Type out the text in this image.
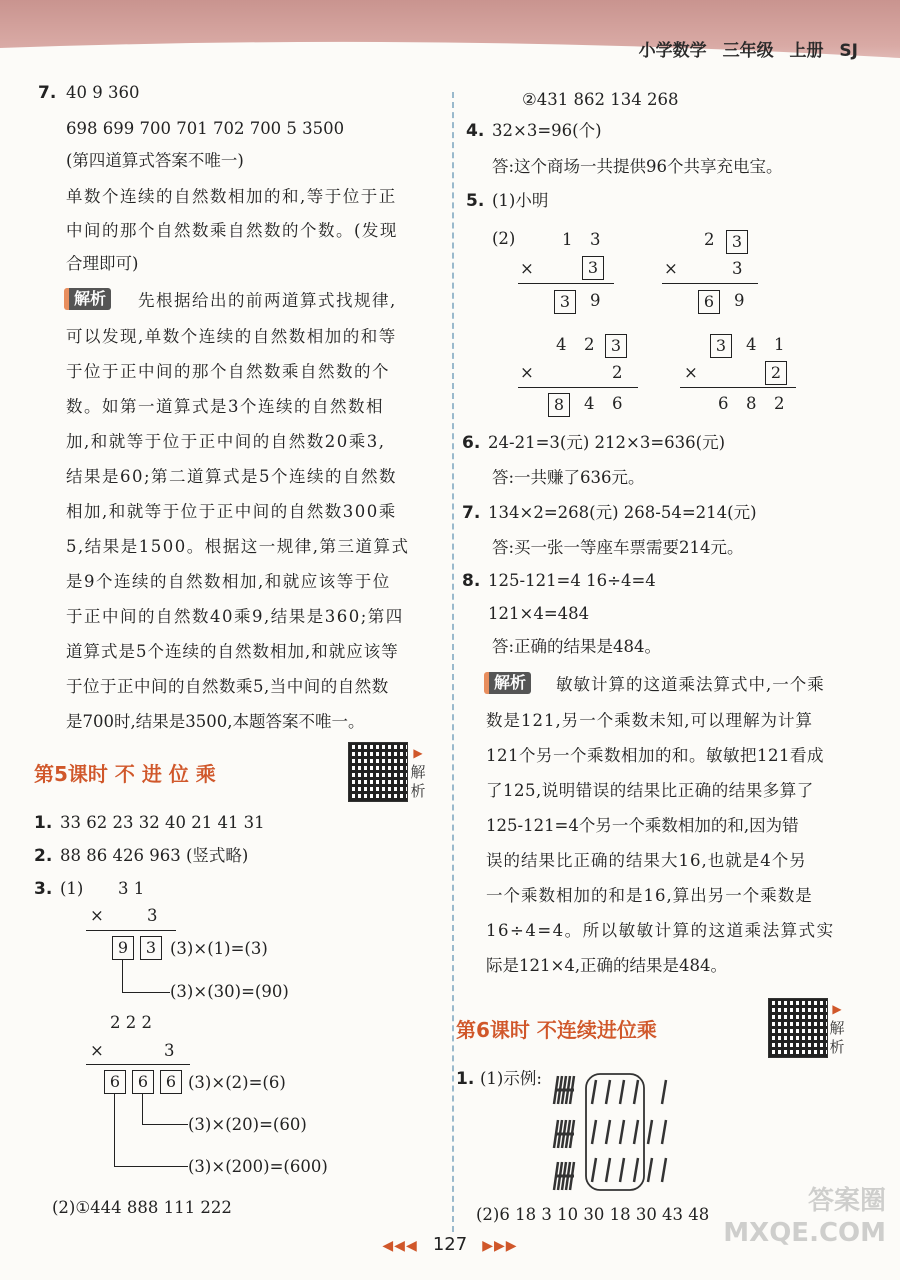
小学数学 三年级 上册 SJ
7. 40 9 360
698 699 700 701 702 700 5 3500
(第四道算式答案不唯一)
单数个连续的自然数相加的和,等于位于正
中间的那个自然数乘自然数的个数。(发现
合理即可)
解析	先根据给出的前两道算式找规律,
可以发现,单数个连续的自然数相加的和等
于位于正中间的那个自然数乘自然数的个
数。如第一道算式是3个连续的自然数相
加,和就等于位于正中间的自然数20乘3,
结果是60;第二道算式是5个连续的自然数
相加,和就等于位于正中间的自然数300乘
5,结果是1500。根据这一规律,第三道算式
是9个连续的自然数相加,和就应该等于位
于正中间的自然数40乘9,结果是360;第四
道算式是5个连续的自然数相加,和就应该等
于位于正中间的自然数乘5,当中间的自然数
是700时,结果是3500,本题答案不唯一。
第5课时 不 进 位 乘
▶
解析
1. 33 62 23 32 40 21 41 31
2. 88 86 426 963 (竖式略)
3. (1) 3 1
×	3
9	3 (3)×(1)=(3)
(3)×(30)=(90)
2 2 2
×	3
6	6	6 (3)×(2)=(6)
(3)×(20)=(60)
(3)×(200)=(600)
(2)①444 888 111 222
②431 862 134 268
4. 32×3=96(个)
答:这个商场一共提供96个共享充电宝。
5. (1)小明
(2)	1 3
×	3
3	9
2	3
×	3
6	9
4 2	3
×	2
8	4 6
3	4 1
×	2
6 8 2
6. 24-21=3(元) 212×3=636(元)
答:一共赚了636元。
7. 134×2=268(元) 268-54=214(元)
答:买一张一等座车票需要214元。
8. 125-121=4 16÷4=4
121×4=484
答:正确的结果是484。
解析	敏敏计算的这道乘法算式中,一个乘
数是121,另一个乘数未知,可以理解为计算
121个另一个乘数相加的和。敏敏把121看成
了125,说明错误的结果比正确的结果多算了
125-121=4个另一个乘数相加的和,因为错
误的结果比正确的结果大16,也就是4个另
一个乘数相加的和是16,算出另一个乘数是
16÷4=4。所以敏敏计算的这道乘法算式实
际是121×4,正确的结果是484。
第6课时 不连续进位乘
▶
解析
1. (1)示例:
(2)6 18 3 10 30 18 30 43 48	答案圈
MXQE.COM
◀◀◀ 127 ▶▶▶
